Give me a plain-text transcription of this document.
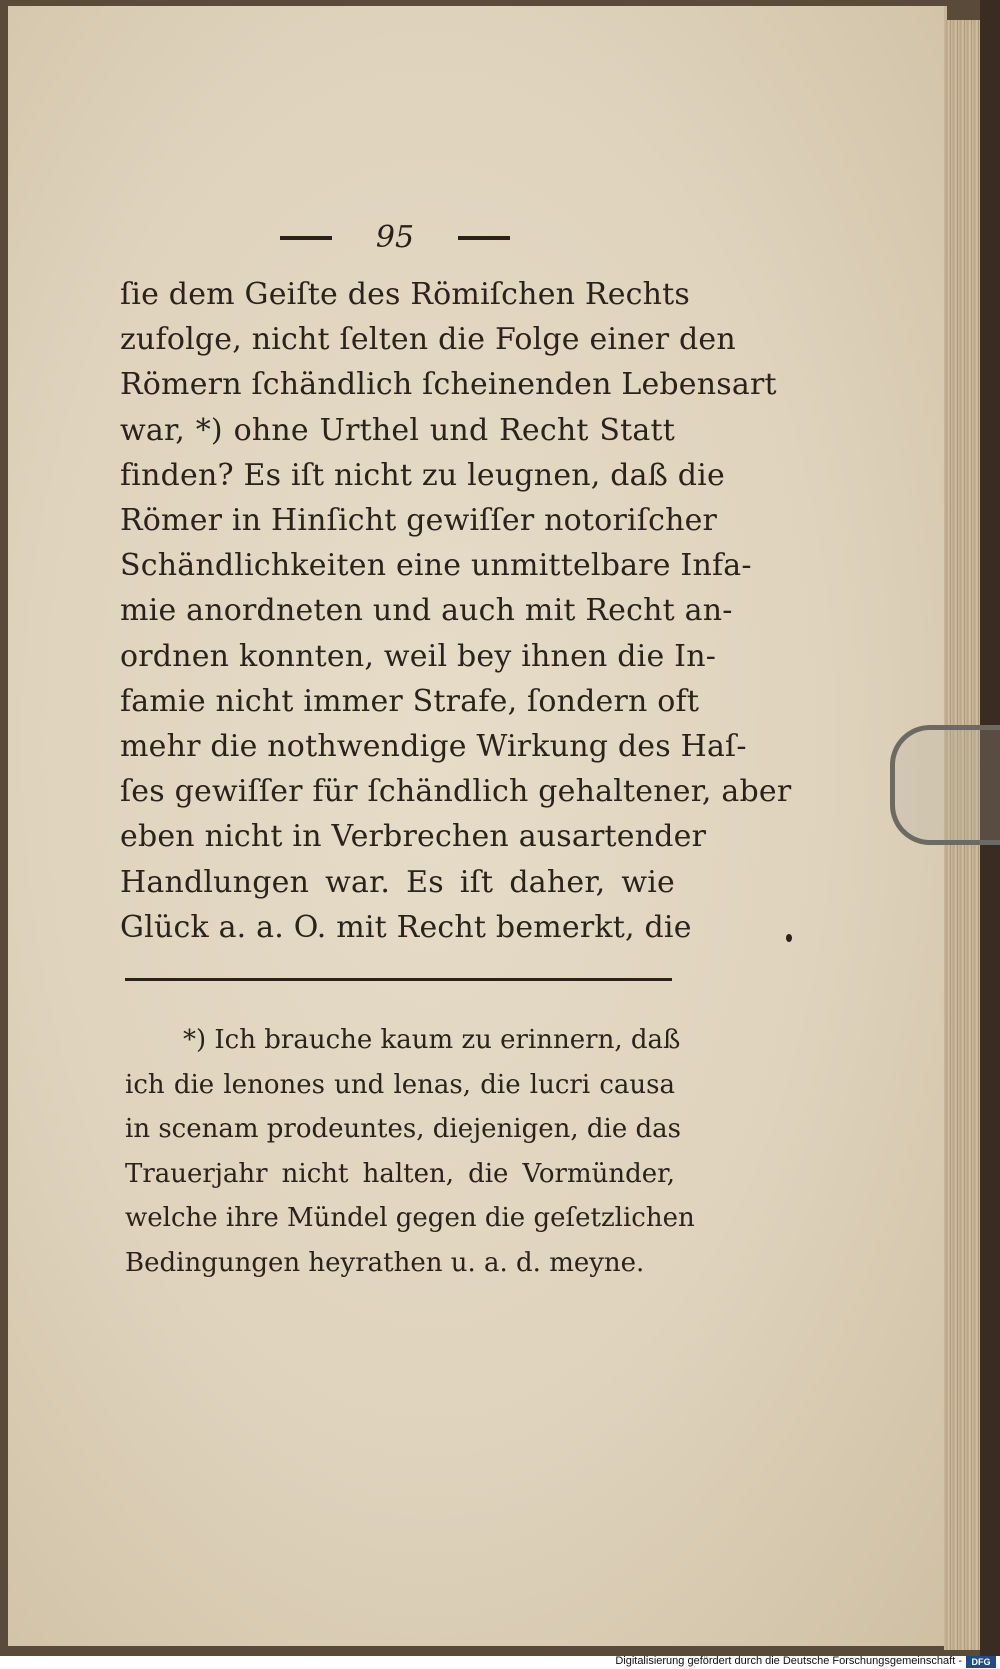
95
ſie dem Geiſte des Römiſchen Rechts
zufolge, nicht ſelten die Folge einer den
Römern ſchändlich ſcheinenden Lebensart
war, *) ohne Urthel und Recht Statt
finden? Es iſt nicht zu leugnen, daß die
Römer in Hinſicht gewiſſer notoriſcher
Schändlichkeiten eine unmittelbare Infa-
mie anordneten und auch mit Recht an-
ordnen konnten, weil bey ihnen die In-
famie nicht immer Strafe, ſondern oft
mehr die nothwendige Wirkung des Haſ-
ſes gewiſſer für ſchändlich gehaltener, aber
eben nicht in Verbrechen ausartender
Handlungen war. Es iſt daher, wie
Glück a. a. O. mit Recht bemerkt, die
*) Ich brauche kaum zu erinnern, daß
ich die lenones und lenas, die lucri causa
in scenam prodeuntes, diejenigen, die das
Trauerjahr nicht halten, die Vormünder,
welche ihre Mündel gegen die geſetzlichen
Bedingungen heyrathen u. a. d. meyne.
Digitalisierung gefördert durch die Deutsche Forschungsgemeinschaft -	DFG
